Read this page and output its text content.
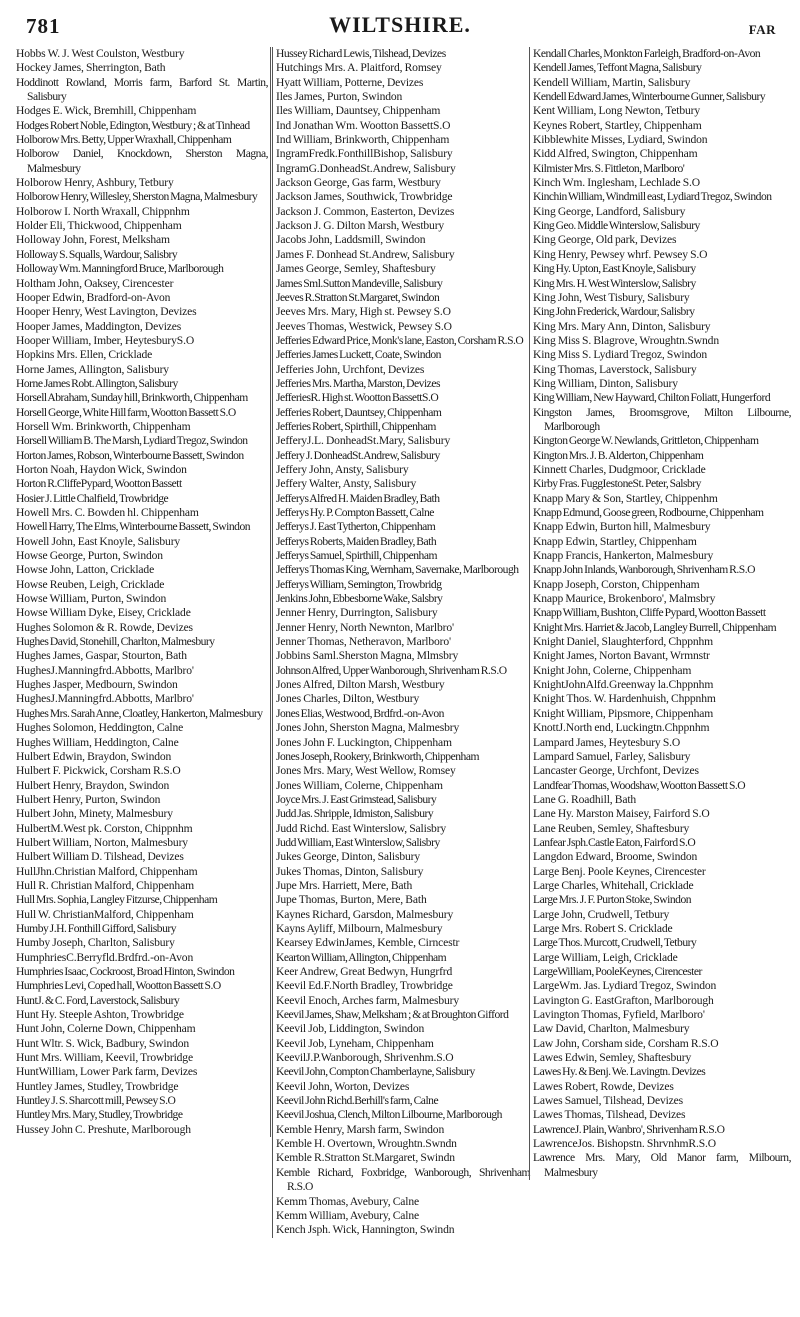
781	WILTSHIRE.	FAR
Hobbs W. J. West Coulston, Westbury
Hockey James, Sherrington, Bath
Hoddinott Rowland, Morris farm, Barford St. Martin, Salisbury
Hodges E. Wick, Bremhill, Chippenham
Hodges Robert Noble, Edington, Westbury ; & at Tinhead
Holborow Mrs. Betty, Upper Wraxhall, Chippenham
Holborow Daniel, Knockdown, Sherston Magna, Malmesbury
Holborow Henry, Ashbury, Tetbury
Holborow Henry, Willesley, Sherston Magna, Malmesbury
Holborow I. North Wraxall, Chippnhm
Holder Eli, Thickwood, Chippenham
Holloway John, Forest, Melksham
Holloway S. Squalls, Wardour, Salisbry
Holloway Wm. Manningford Bruce, Marlborough
Holtham John, Oaksey, Cirencester
Hooper Edwin, Bradford-on-Avon
Hooper Henry, West Lavington, Devizes
Hooper James, Maddington, Devizes
Hooper William, Imber, HeytesburyS.O
Hopkins Mrs. Ellen, Cricklade
Horne James, Allington, Salisbury
Horne James Robt. Allington, Salisbury
Horsell Abraham, Sunday hill, Brinkworth, Chippenham
Horsell George, White Hill farm, Wootton Bassett S.O
Horsell Wm. Brinkworth, Chippenham
Horsell William B. The Marsh, Lydiard Tregoz, Swindon
Horton James, Robson, Winterbourne Bassett, Swindon
Horton Noah, Haydon Wick, Swindon
Horton R.CliffePypard, Wootton Bassett
Hosier J. Little Chalfield, Trowbridge
Howell Mrs. C. Bowden hl. Chippenham
Howell Harry, The Elms, Winterbourne Bassett, Swindon
Howell John, East Knoyle, Salisbury
Howse George, Purton, Swindon
Howse John, Latton, Cricklade
Howse Reuben, Leigh, Cricklade
Howse William, Purton, Swindon
Howse William Dyke, Eisey, Cricklade
Hughes Solomon & R. Rowde, Devizes
Hughes David, Stonehill, Charlton, Malmesbury
Hughes James, Gaspar, Stourton, Bath
HughesJ.Manningfrd.Abbotts, Marlbro'
Hughes Jasper, Medbourn, Swindon
HughesJ.Manningfrd.Abbotts, Marlbro'
Hughes Mrs. Sarah Anne, Cloatley, Hankerton, Malmesbury
Hughes Solomon, Heddington, Calne
Hughes William, Heddington, Calne
Hulbert Edwin, Braydon, Swindon
Hulbert F. Pickwick, Corsham R.S.O
Hulbert Henry, Braydon, Swindon
Hulbert Henry, Purton, Swindon
Hulbert John, Minety, Malmesbury
HulbertM.West pk. Corston, Chippnhm
Hulbert William, Norton, Malmesbury
Hulbert William D. Tilshead, Devizes
HullJhn.Christian Malford, Chippenham
Hull R. Christian Malford, Chippenham
Hull Mrs. Sophia, Langley Fitzurse, Chippenham
Hull W. ChristianMalford, Chippenham
Humby J.H. Fonthill Gifford, Salisbury
Humby Joseph, Charlton, Salisbury
HumphriesC.Berryfld.Brdfrd.-on-Avon
Humphries Isaac, Cockroost, Broad Hinton, Swindon
Humphries Levi, Coped hall, Wootton Bassett S.O
HuntJ. & C. Ford, Laverstock, Salisbury
Hunt Hy. Steeple Ashton, Trowbridge
Hunt John, Colerne Down, Chippenham
Hunt Wltr. S. Wick, Badbury, Swindon
Hunt Mrs. William, Keevil, Trowbridge
HuntWilliam, Lower Park farm, Devizes
Huntley James, Studley, Trowbridge
Huntley J. S. Sharcott mill, Pewsey S.O
Huntley Mrs. Mary, Studley, Trowbridge
Hussey John C. Preshute, Marlborough
Hussey Richard Lewis, Tilshead, Devizes
Hutchings Mrs. A. Plaitford, Romsey
Hyatt William, Potterne, Devizes
Iles James, Purton, Swindon
Iles William, Dauntsey, Chippenham
Ind Jonathan Wm. Wootton BassettS.O
Ind William, Brinkworth, Chippenham
IngramFredk.FonthillBishop, Salisbury
IngramG.DonheadSt.Andrew, Salisbury
Jackson George, Gas farm, Westbury
Jackson James, Southwick, Trowbridge
Jackson J. Common, Easterton, Devizes
Jackson J. G. Dilton Marsh, Westbury
Jacobs John, Laddsmill, Swindon
James F. Donhead St.Andrew, Salisbury
James George, Semley, Shaftesbury
James Sml.Sutton Mandeville, Salisbury
Jeeves R.Stratton St.Margaret, Swindon
Jeeves Mrs. Mary, High st. Pewsey S.O
Jeeves Thomas, Westwick, Pewsey S.O
Jefferies Edward Price, Monk's lane, Easton, Corsham R.S.O
Jefferies James Luckett, Coate, Swindon
Jefferies John, Urchfont, Devizes
Jefferies Mrs. Martha, Marston, Devizes
JefferiesR. High st. Wootton BassettS.O
Jefferies Robert, Dauntsey, Chippenham
Jefferies Robert, Spirthill, Chippenham
JefferyJ.L. DonheadSt.Mary, Salisbury
Jeffery J. DonheadSt.Andrew, Salisbury
Jeffery John, Ansty, Salisbury
Jeffery Walter, Ansty, Salisbury
Jefferys Alfred H. Maiden Bradley, Bath
Jefferys Hy. P. Compton Bassett, Calne
Jefferys J. East Tytherton, Chippenham
Jefferys Roberts, Maiden Bradley, Bath
Jefferys Samuel, Spirthill, Chippenham
Jefferys Thomas King, Wernham, Savernake, Marlborough
Jefferys William, Semington, Trowbridg
Jenkins John, Ebbesborne Wake, Salsbry
Jenner Henry, Durrington, Salisbury
Jenner Henry, North Newnton, Marlbro'
Jenner Thomas, Netheravon, Marlboro'
Jobbins Saml.Sherston Magna, Mlmsbry
Johnson Alfred, Upper Wanborough, Shrivenham R.S.O
Jones Alfred, Dilton Marsh, Westbury
Jones Charles, Dilton, Westbury
Jones Elias, Westwood, Brdfrd.-on-Avon
Jones John, Sherston Magna, Malmesbry
Jones John F. Luckington, Chippenham
Jones Joseph, Rookery, Brinkworth, Chippenham
Jones Mrs. Mary, West Wellow, Romsey
Jones William, Colerne, Chippenham
Joyce Mrs. J. East Grimstead, Salisbury
Judd Jas. Shripple, Idmiston, Salisbury
Judd Richd. East Winterslow, Salisbry
Judd William, East Winterslow, Salisbry
Jukes George, Dinton, Salisbury
Jukes Thomas, Dinton, Salisbury
Jupe Mrs. Harriett, Mere, Bath
Jupe Thomas, Burton, Mere, Bath
Kaynes Richard, Garsdon, Malmesbury
Kayns Ayliff, Milbourn, Malmesbury
Kearsey EdwinJames, Kemble, Cirncestr
Kearton William, Allington, Chippenham
Keer Andrew, Great Bedwyn, Hungrfrd
Keevil Ed.F.North Bradley, Trowbridge
Keevil Enoch, Arches farm, Malmesbury
Keevil James, Shaw, Melksham ; & at Broughton Gifford
Keevil Job, Liddington, Swindon
Keevil Job, Lyneham, Chippenham
KeevilJ.P.Wanborough, Shrivenhm.S.O
Keevil John, Compton Chamberlayne, Salisbury
Keevil John, Worton, Devizes
Keevil John Richd.Berhill's farm, Calne
Keevil Joshua, Clench, Milton Lilbourne, Marlborough
Kemble Henry, Marsh farm, Swindon
Kemble H. Overtown, Wroughtn.Swndn
Kemble R.Stratton St.Margaret, Swindn
Kemble Richard, Foxbridge, Wanborough, Shrivenham R.S.O
Kemm Thomas, Avebury, Calne
Kemm William, Avebury, Calne
Kench Jsph. Wick, Hannington, Swindn
Kendall Charles, Monkton Farleigh, Bradford-on-Avon
Kendell James, Teffont Magna, Salisbury
Kendell William, Martin, Salisbury
Kendell Edward James, Winterbourne Gunner, Salisbury
Kent William, Long Newton, Tetbury
Keynes Robert, Startley, Chippenham
Kibblewhite Misses, Lydiard, Swindon
Kidd Alfred, Swington, Chippenham
Kilmister Mrs. S. Fittleton, Marlboro'
Kinch Wm. Inglesham, Lechlade S.O
Kinchin William, Windmill east, Lydiard Tregoz, Swindon
King George, Landford, Salisbury
King Geo. Middle Winterslow, Salisbury
King George, Old park, Devizes
King Henry, Pewsey whrf. Pewsey S.O
King Hy. Upton, East Knoyle, Salisbury
King Mrs. H. West Winterslow, Salisbry
King John, West Tisbury, Salisbury
King John Frederick, Wardour, Salisbry
King Mrs. Mary Ann, Dinton, Salisbury
King Miss S. Blagrove, Wroughtn.Swndn
King Miss S. Lydiard Tregoz, Swindon
King Thomas, Laverstock, Salisbury
King William, Dinton, Salisbury
King William, New Hayward, Chilton Foliatt, Hungerford
Kingston James, Broomsgrove, Milton Lilbourne, Marlborough
Kington George W. Newlands, Grittleton, Chippenham
Kington Mrs. J. B. Alderton, Chippenham
Kinnett Charles, Dudgmoor, Cricklade
Kirby Fras. FuggIestoneSt. Peter, Salsbry
Knapp Mary & Son, Startley, Chippenhm
Knapp Edmund, Goose green, Rodbourne, Chippenham
Knapp Edwin, Burton hill, Malmesbury
Knapp Edwin, Startley, Chippenham
Knapp Francis, Hankerton, Malmesbury
Knapp John Inlands, Wanborough, Shrivenham R.S.O
Knapp Joseph, Corston, Chippenham
Knapp Maurice, Brokenboro', Malmsbry
Knapp William, Bushton, Cliffe Pypard, Wootton Bassett
Knight Mrs. Harriet & Jacob, Langley Burrell, Chippenham
Knight Daniel, Slaughterford, Chppnhm
Knight James, Norton Bavant, Wrmnstr
Knight John, Colerne, Chippenham
KnightJohnAlfd.Greenway la.Chppnhm
Knight Thos. W. Hardenhuish, Chppnhm
Knight William, Pipsmore, Chippenham
KnottJ.North end, Luckingtn.Chppnhm
Lampard James, Heytesbury S.O
Lampard Samuel, Farley, Salisbury
Lancaster George, Urchfont, Devizes
Landfear Thomas, Woodshaw, Wootton Bassett S.O
Lane G. Roadhill, Bath
Lane Hy. Marston Maisey, Fairford S.O
Lane Reuben, Semley, Shaftesbury
Lanfear Jsph.Castle Eaton, Fairford S.O
Langdon Edward, Broome, Swindon
Large Benj. Poole Keynes, Cirencester
Large Charles, Whitehall, Cricklade
Large Mrs. J. F. Purton Stoke, Swindon
Large John, Crudwell, Tetbury
Large Mrs. Robert S. Cricklade
Large Thos. Murcott, Crudwell, Tetbury
Large William, Leigh, Cricklade
LargeWilliam, PooleKeynes, Cirencester
LargeWm. Jas. Lydiard Tregoz, Swindon
Lavington G. EastGrafton, Marlborough
Lavington Thomas, Fyfield, Marlboro'
Law David, Charlton, Malmesbury
Law John, Corsham side, Corsham R.S.O
Lawes Edwin, Semley, Shaftesbury
Lawes Hy. & Benj. We. Lavingtn. Devizes
Lawes Robert, Rowde, Devizes
Lawes Samuel, Tilshead, Devizes
Lawes Thomas, Tilshead, Devizes
LawrenceJ. Plain, Wanbro', Shrivenham R.S.O
LawrenceJos. Bishopstn. ShrvnhmR.S.O
Lawrence Mrs. Mary, Old Manor farm, Milbourn, Malmesbury
